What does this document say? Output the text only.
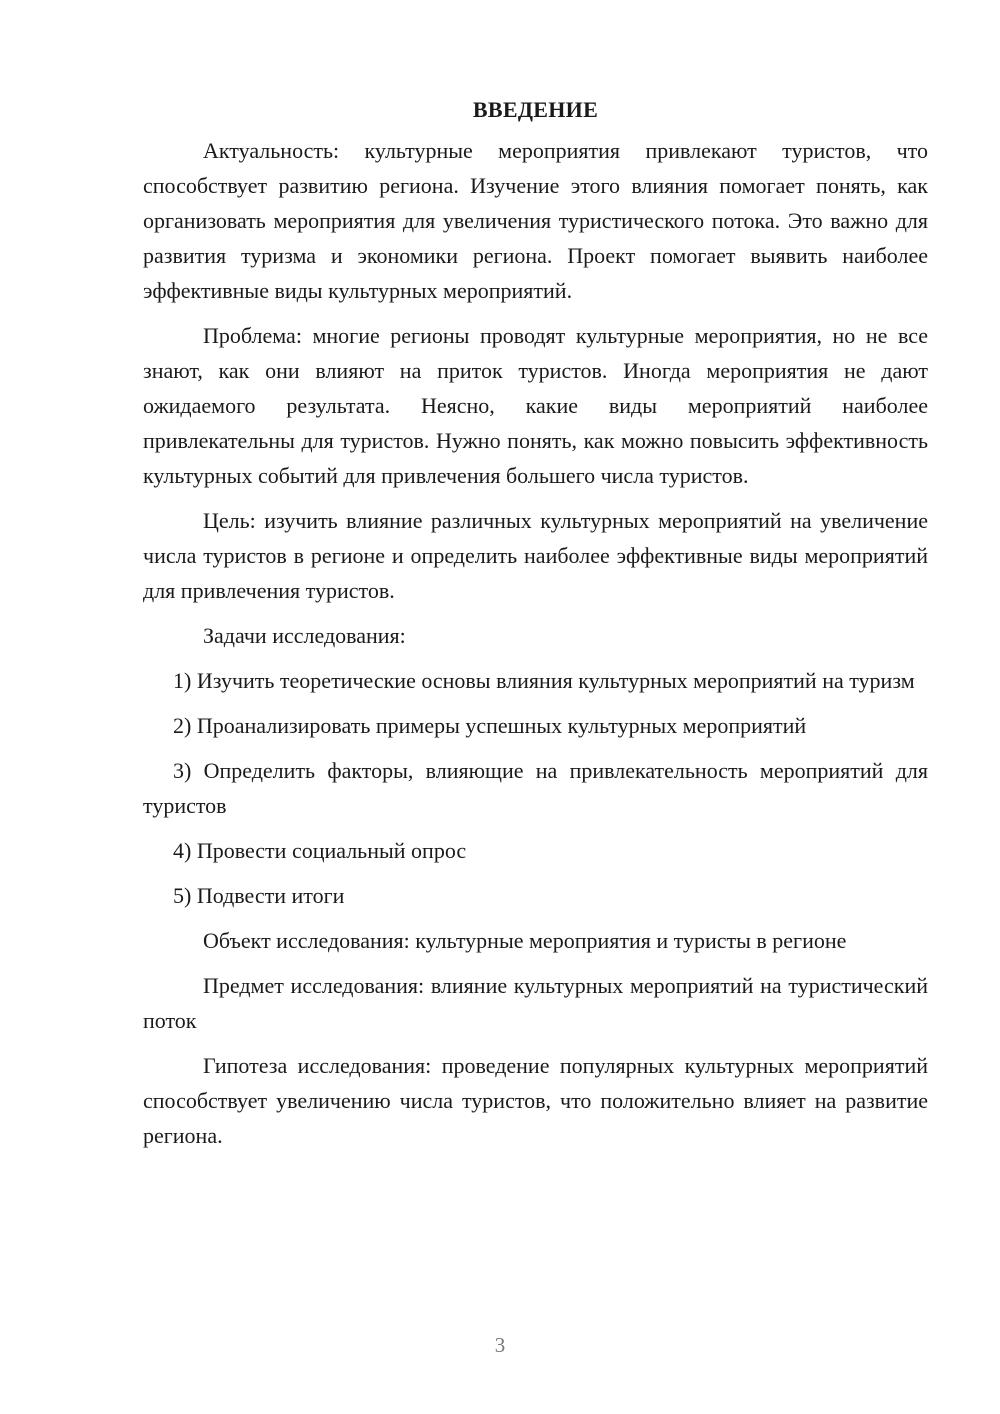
ВВЕДЕНИЕ

Актуальность: культурные мероприятия привлекают туристов, что способствует развитию региона. Изучение этого влияния помогает понять, как организовать мероприятия для увеличения туристического потока. Это важно для развития туризма и экономики региона. Проект помогает выявить наиболее эффективные виды культурных мероприятий.

Проблема: многие регионы проводят культурные мероприятия, но не все знают, как они влияют на приток туристов. Иногда мероприятия не дают ожидаемого результата. Неясно, какие виды мероприятий наиболее привлекательны для туристов. Нужно понять, как можно повысить эффективность культурных событий для привлечения большего числа туристов.

Цель: изучить влияние различных культурных мероприятий на увеличение числа туристов в регионе и определить наиболее эффективные виды мероприятий для привлечения туристов.

Задачи исследования:

1) Изучить теоретические основы влияния культурных мероприятий на туризм

2) Проанализировать примеры успешных культурных мероприятий

3) Определить факторы, влияющие на привлекательность мероприятий для туристов

4) Провести социальный опрос

5) Подвести итоги

Объект исследования: культурные мероприятия и туристы в регионе

Предмет исследования: влияние культурных мероприятий на туристический поток

Гипотеза исследования: проведение популярных культурных мероприятий способствует увеличению числа туристов, что положительно влияет на развитие региона.

3
